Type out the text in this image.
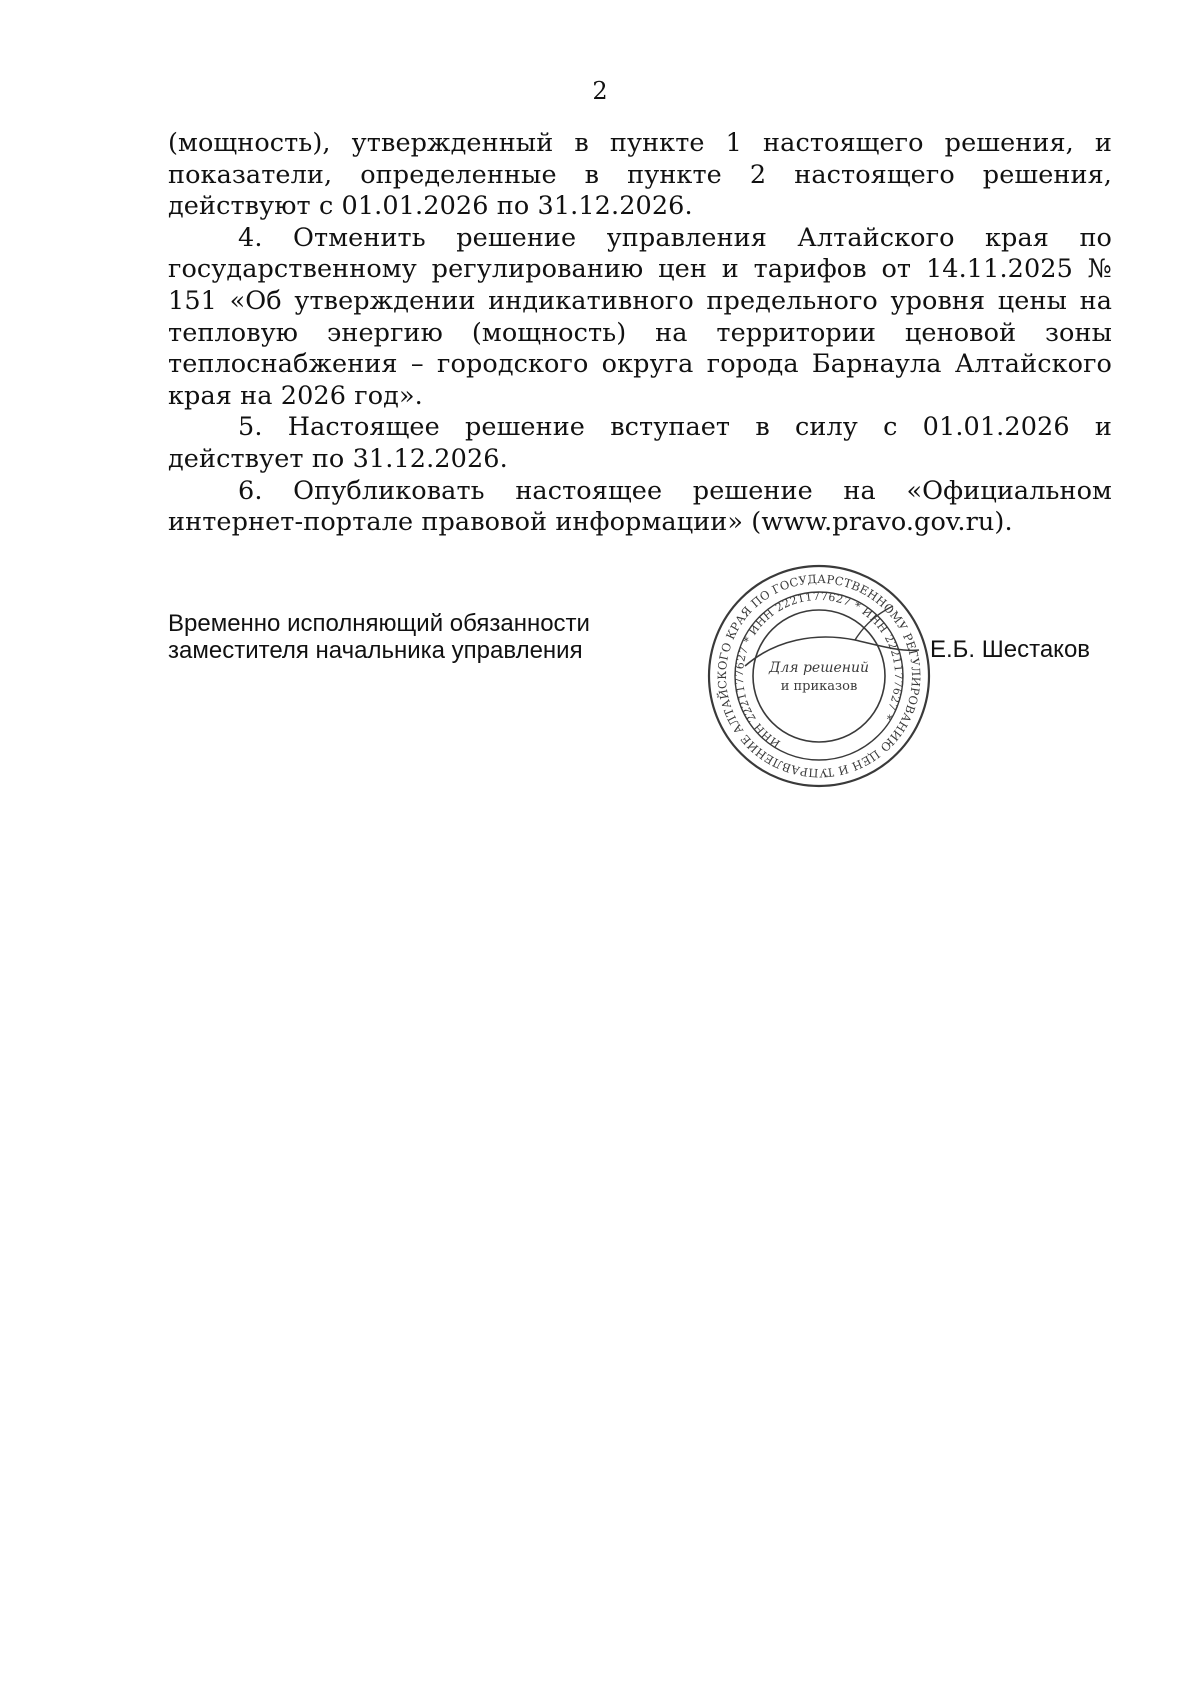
2

(мощность), утвержденный в пункте 1 настоящего решения, и показатели, определенные в пункте 2 настоящего решения, действуют с 01.01.2026 по 31.12.2026.

4. Отменить решение управления Алтайского края по государственному регулированию цен и тарифов от 14.11.2025 № 151 «Об утверждении индикативного предельного уровня цены на тепловую энергию (мощность) на территории ценовой зоны теплоснабжения – городского округа города Барнаула Алтайского края на 2026 год».

5. Настоящее решение вступает в силу с 01.01.2026 и действует по 31.12.2026.

6. Опубликовать настоящее решение на «Официальном интернет-портале правовой информации» (www.pravo.gov.ru).

Временно исполняющий обязанности
заместителя начальника управления
УПРАВЛЕНИЕ АЛТАЙСКОГО КРАЯ ПО ГОСУДАРСТВЕННОМУ РЕГУЛИРОВАНИЮ ЦЕН И ТАРИФОВ
ИНН 2221177627 * ИНН 2221177627 * ИНН 2221177627 *
Для решений
и приказов
Е.Б. Шестаков
